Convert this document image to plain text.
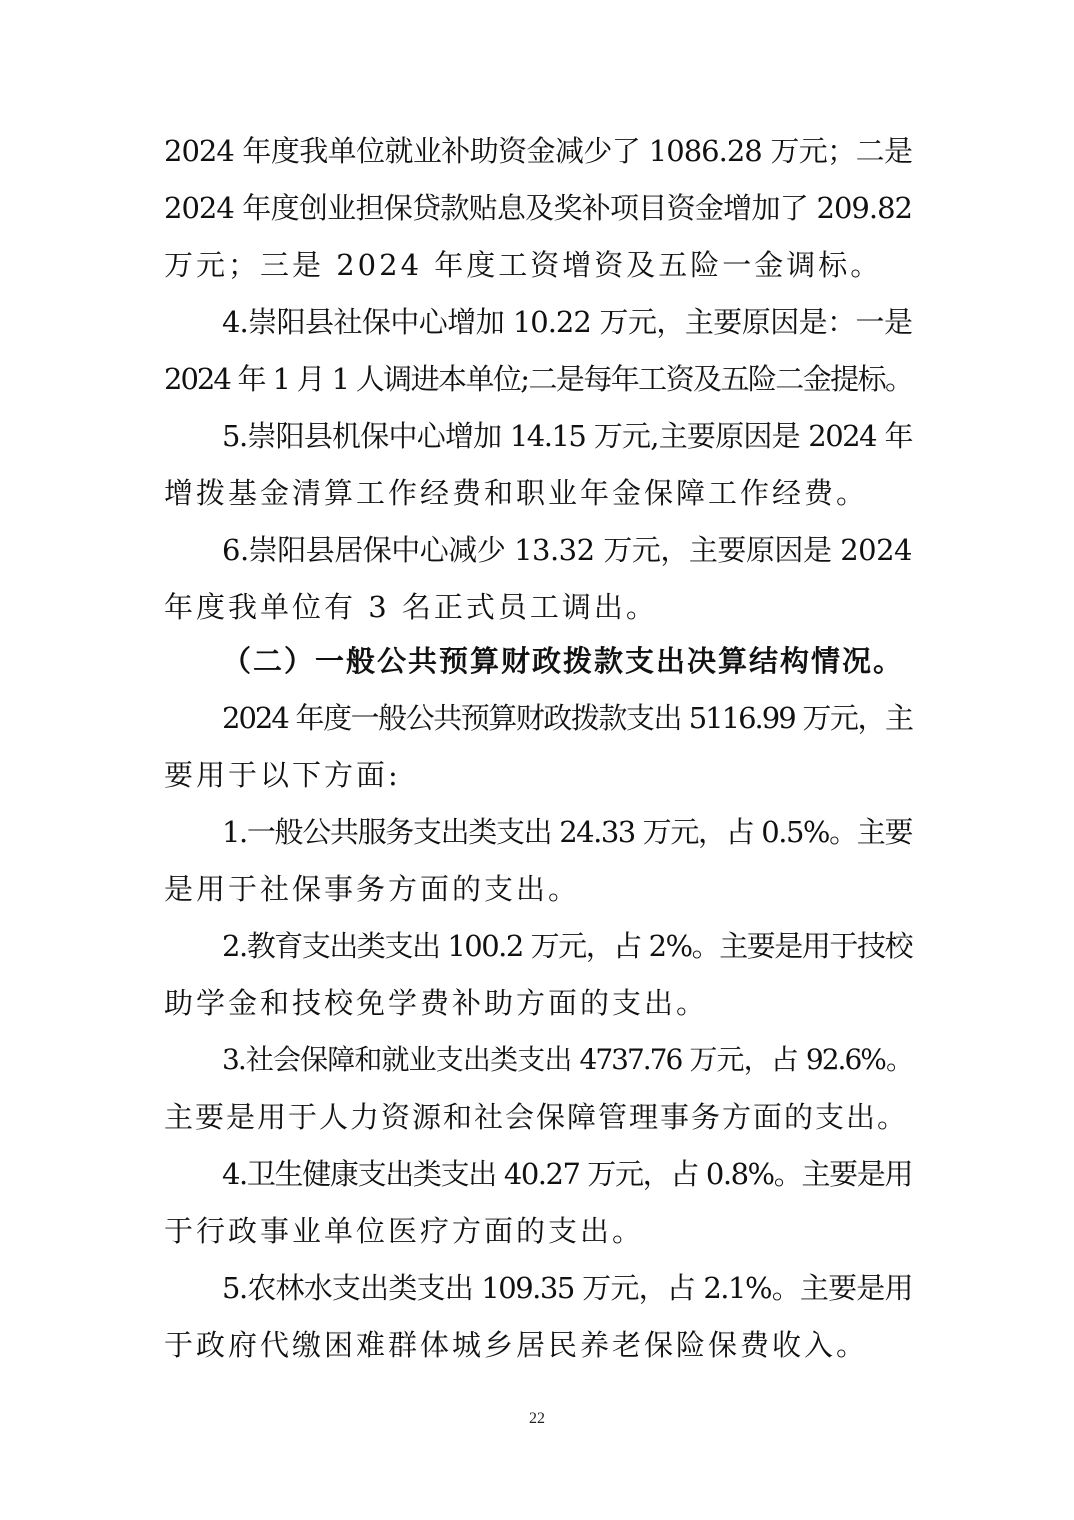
2024 年度我单位就业补助资金减少了 1086.28 万元；二是
2024 年度创业担保贷款贴息及奖补项目资金增加了 209.82
万元；三是 2024 年度工资增资及五险一金调标。
4.崇阳县社保中心增加 10.22 万元，主要原因是：一是
2024 年 1 月 1 人调进本单位;二是每年工资及五险二金提标。
5.崇阳县机保中心增加 14.15 万元,主要原因是 2024 年
增拨基金清算工作经费和职业年金保障工作经费。
6.崇阳县居保中心减少 13.32 万元，主要原因是 2024
年度我单位有 3 名正式员工调出。
（二）一般公共预算财政拨款支出决算结构情况。
2024 年度一般公共预算财政拨款支出 5116.99 万元，主
要用于以下方面:
1.一般公共服务支出类支出 24.33 万元，占 0.5%。主要
是用于社保事务方面的支出。
2.教育支出类支出 100.2 万元，占 2%。主要是用于技校
助学金和技校免学费补助方面的支出。
3.社会保障和就业支出类支出 4737.76 万元，占 92.6%。
主要是用于人力资源和社会保障管理事务方面的支出。
4.卫生健康支出类支出 40.27 万元，占 0.8%。主要是用
于行政事业单位医疗方面的支出。
5.农林水支出类支出 109.35 万元，占 2.1%。主要是用
于政府代缴困难群体城乡居民养老保险保费收入。
22
